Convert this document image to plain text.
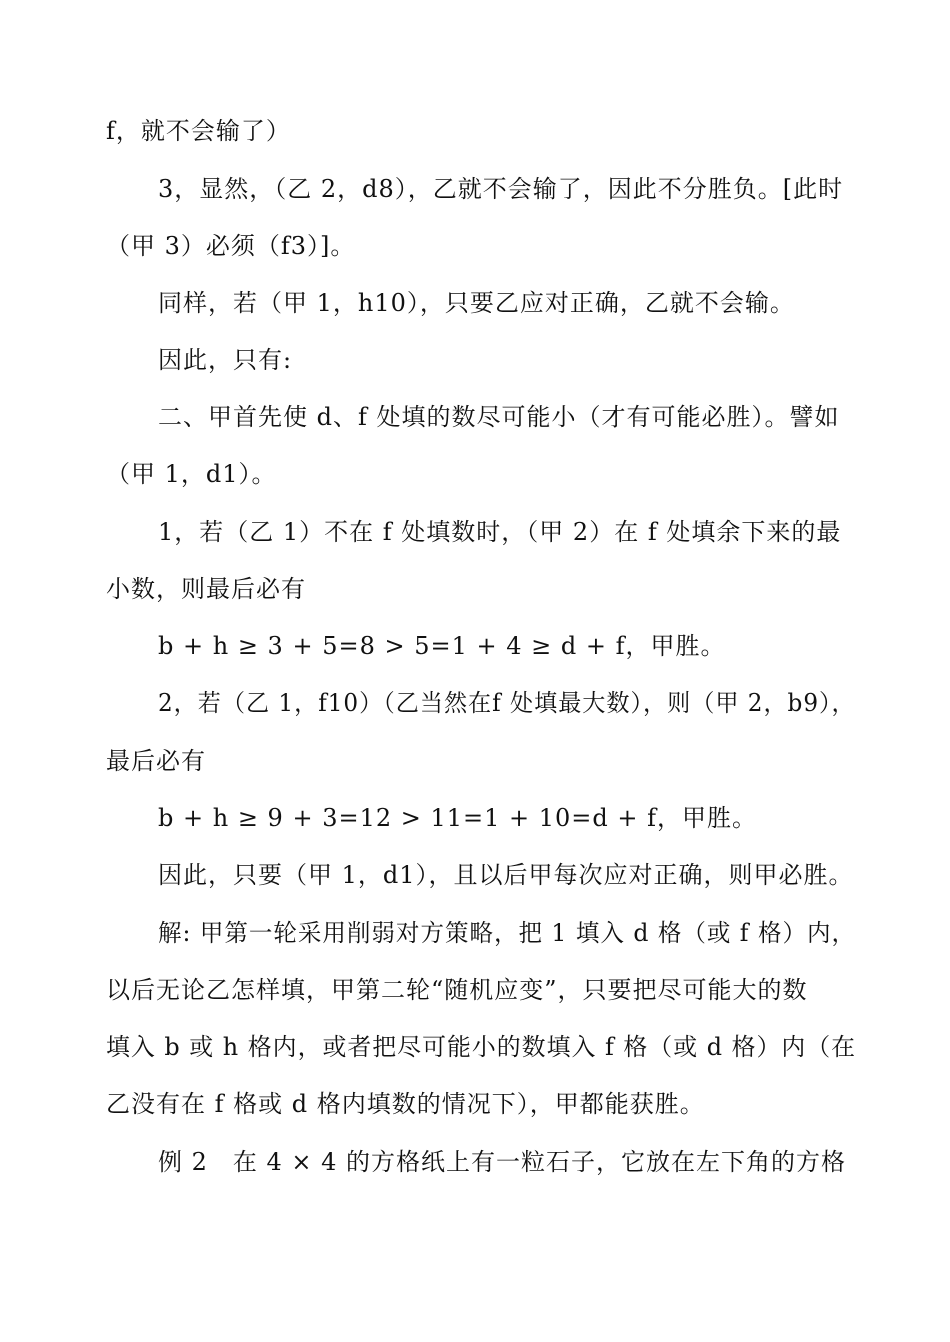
f，就不会输了）
3，显然，（乙 2，d8），乙就不会输了，因此不分胜负。[此时
（甲 3）必须（f3）]。
同样，若（甲 1，h10），只要乙应对正确，乙就不会输。
因此，只有:
二、甲首先使 d、f 处填的数尽可能小（才有可能必胜）。譬如
（甲 1，d1）。
1，若（乙 1）不在 f 处填数时，（甲 2）在 f 处填余下来的最
小数，则最后必有
b + h ≥ 3 + 5=8 > 5=1 + 4 ≥ d + f，甲胜。
2，若（乙 1，f10）（乙当然在f 处填最大数），则（甲 2，b9），
最后必有
b + h ≥ 9 + 3=12 > 11=1 + 10=d + f，甲胜。
因此，只要（甲 1，d1），且以后甲每次应对正确，则甲必胜。
解: 甲第一轮采用削弱对方策略，把 1 填入 d 格（或 f 格）内，
以后无论乙怎样填，甲第二轮“随机应变”，只要把尽可能大的数
填入 b 或 h 格内，或者把尽可能小的数填入 f 格（或 d 格）内（在
乙没有在 f 格或 d 格内填数的情况下），甲都能获胜。
例 2　在 4 × 4 的方格纸上有一粒石子，它放在左下角的方格
